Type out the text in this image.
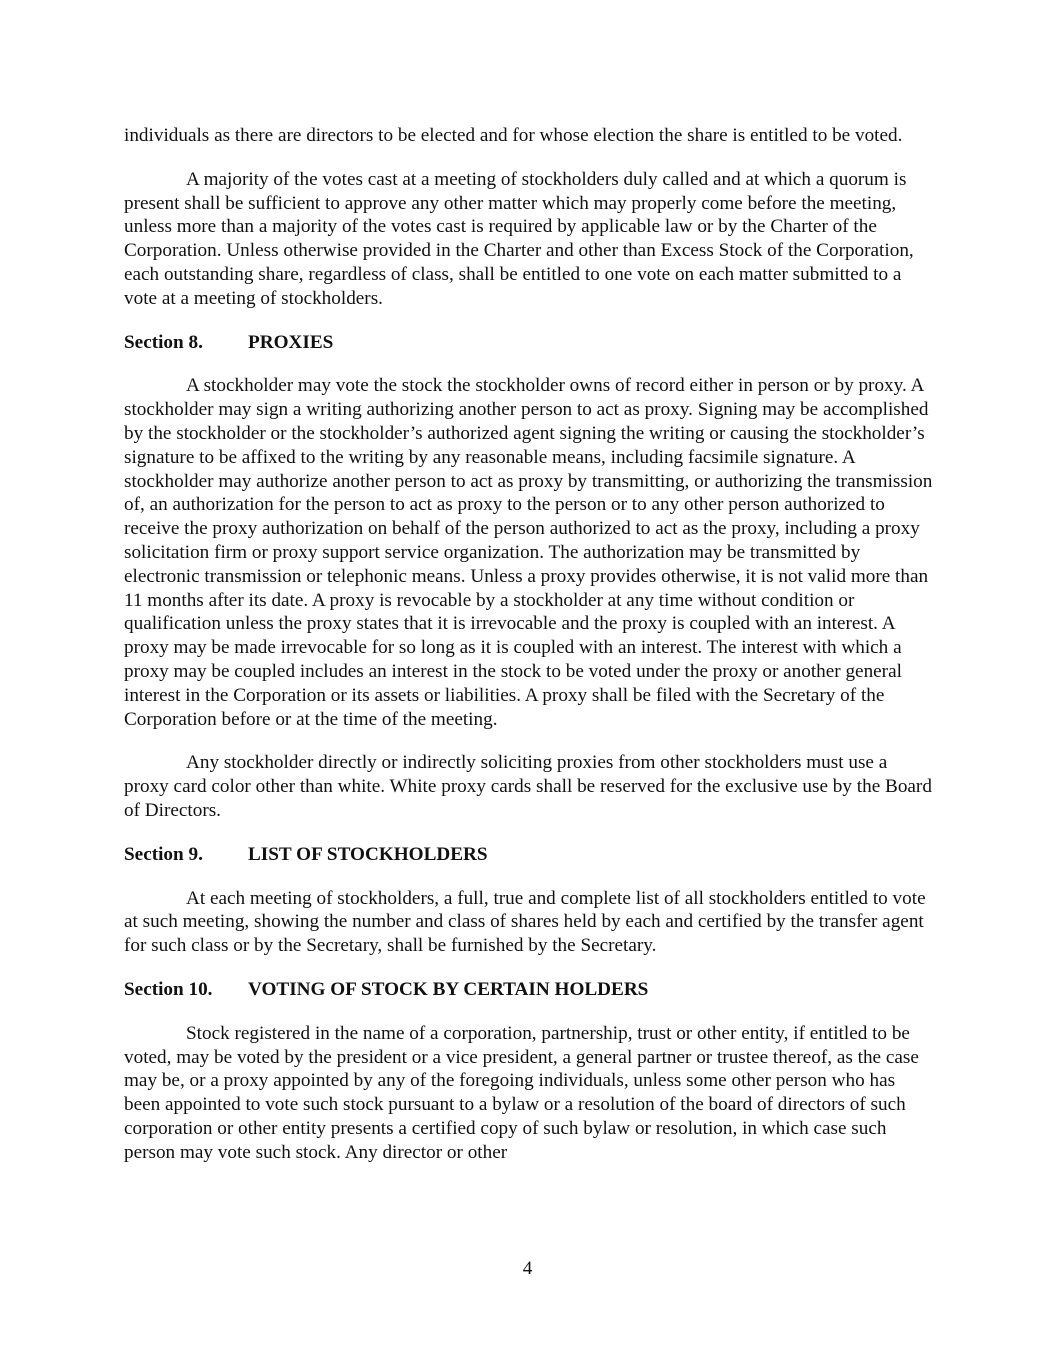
individuals as there are directors to be elected and for whose election the share is entitled to be voted.

A majority of the votes cast at a meeting of stockholders duly called and at which a quorum is present shall be sufficient to approve any other matter which may properly come before the meeting, unless more than a majority of the votes cast is required by applicable law or by the Charter of the Corporation. Unless otherwise provided in the Charter and other than Excess Stock of the Corporation, each outstanding share, regardless of class, shall be entitled to one vote on each matter submitted to a vote at a meeting of stockholders.

Section 8.	PROXIES

A stockholder may vote the stock the stockholder owns of record either in person or by proxy. A stockholder may sign a writing authorizing another person to act as proxy. Signing may be accomplished by the stockholder or the stockholder’s authorized agent signing the writing or causing the stockholder’s signature to be affixed to the writing by any reasonable means, including facsimile signature. A stockholder may authorize another person to act as proxy by transmitting, or authorizing the transmission of, an authorization for the person to act as proxy to the person or to any other person authorized to receive the proxy authorization on behalf of the person authorized to act as the proxy, including a proxy solicitation firm or proxy support service organization. The authorization may be transmitted by electronic transmission or telephonic means. Unless a proxy provides otherwise, it is not valid more than 11 months after its date. A proxy is revocable by a stockholder at any time without condition or qualification unless the proxy states that it is irrevocable and the proxy is coupled with an interest. A proxy may be made irrevocable for so long as it is coupled with an interest. The interest with which a proxy may be coupled includes an interest in the stock to be voted under the proxy or another general interest in the Corporation or its assets or liabilities. A proxy shall be filed with the Secretary of the Corporation before or at the time of the meeting.

Any stockholder directly or indirectly soliciting proxies from other stockholders must use a proxy card color other than white. White proxy cards shall be reserved for the exclusive use by the Board of Directors.

Section 9.	LIST OF STOCKHOLDERS

At each meeting of stockholders, a full, true and complete list of all stockholders entitled to vote at such meeting, showing the number and class of shares held by each and certified by the transfer agent for such class or by the Secretary, shall be furnished by the Secretary.

Section 10.	VOTING OF STOCK BY CERTAIN HOLDERS

Stock registered in the name of a corporation, partnership, trust or other entity, if entitled to be voted, may be voted by the president or a vice president, a general partner or trustee thereof, as the case may be, or a proxy appointed by any of the foregoing individuals, unless some other person who has been appointed to vote such stock pursuant to a bylaw or a resolution of the board of directors of such corporation or other entity presents a certified copy of such bylaw or resolution, in which case such person may vote such stock. Any director or other

4
